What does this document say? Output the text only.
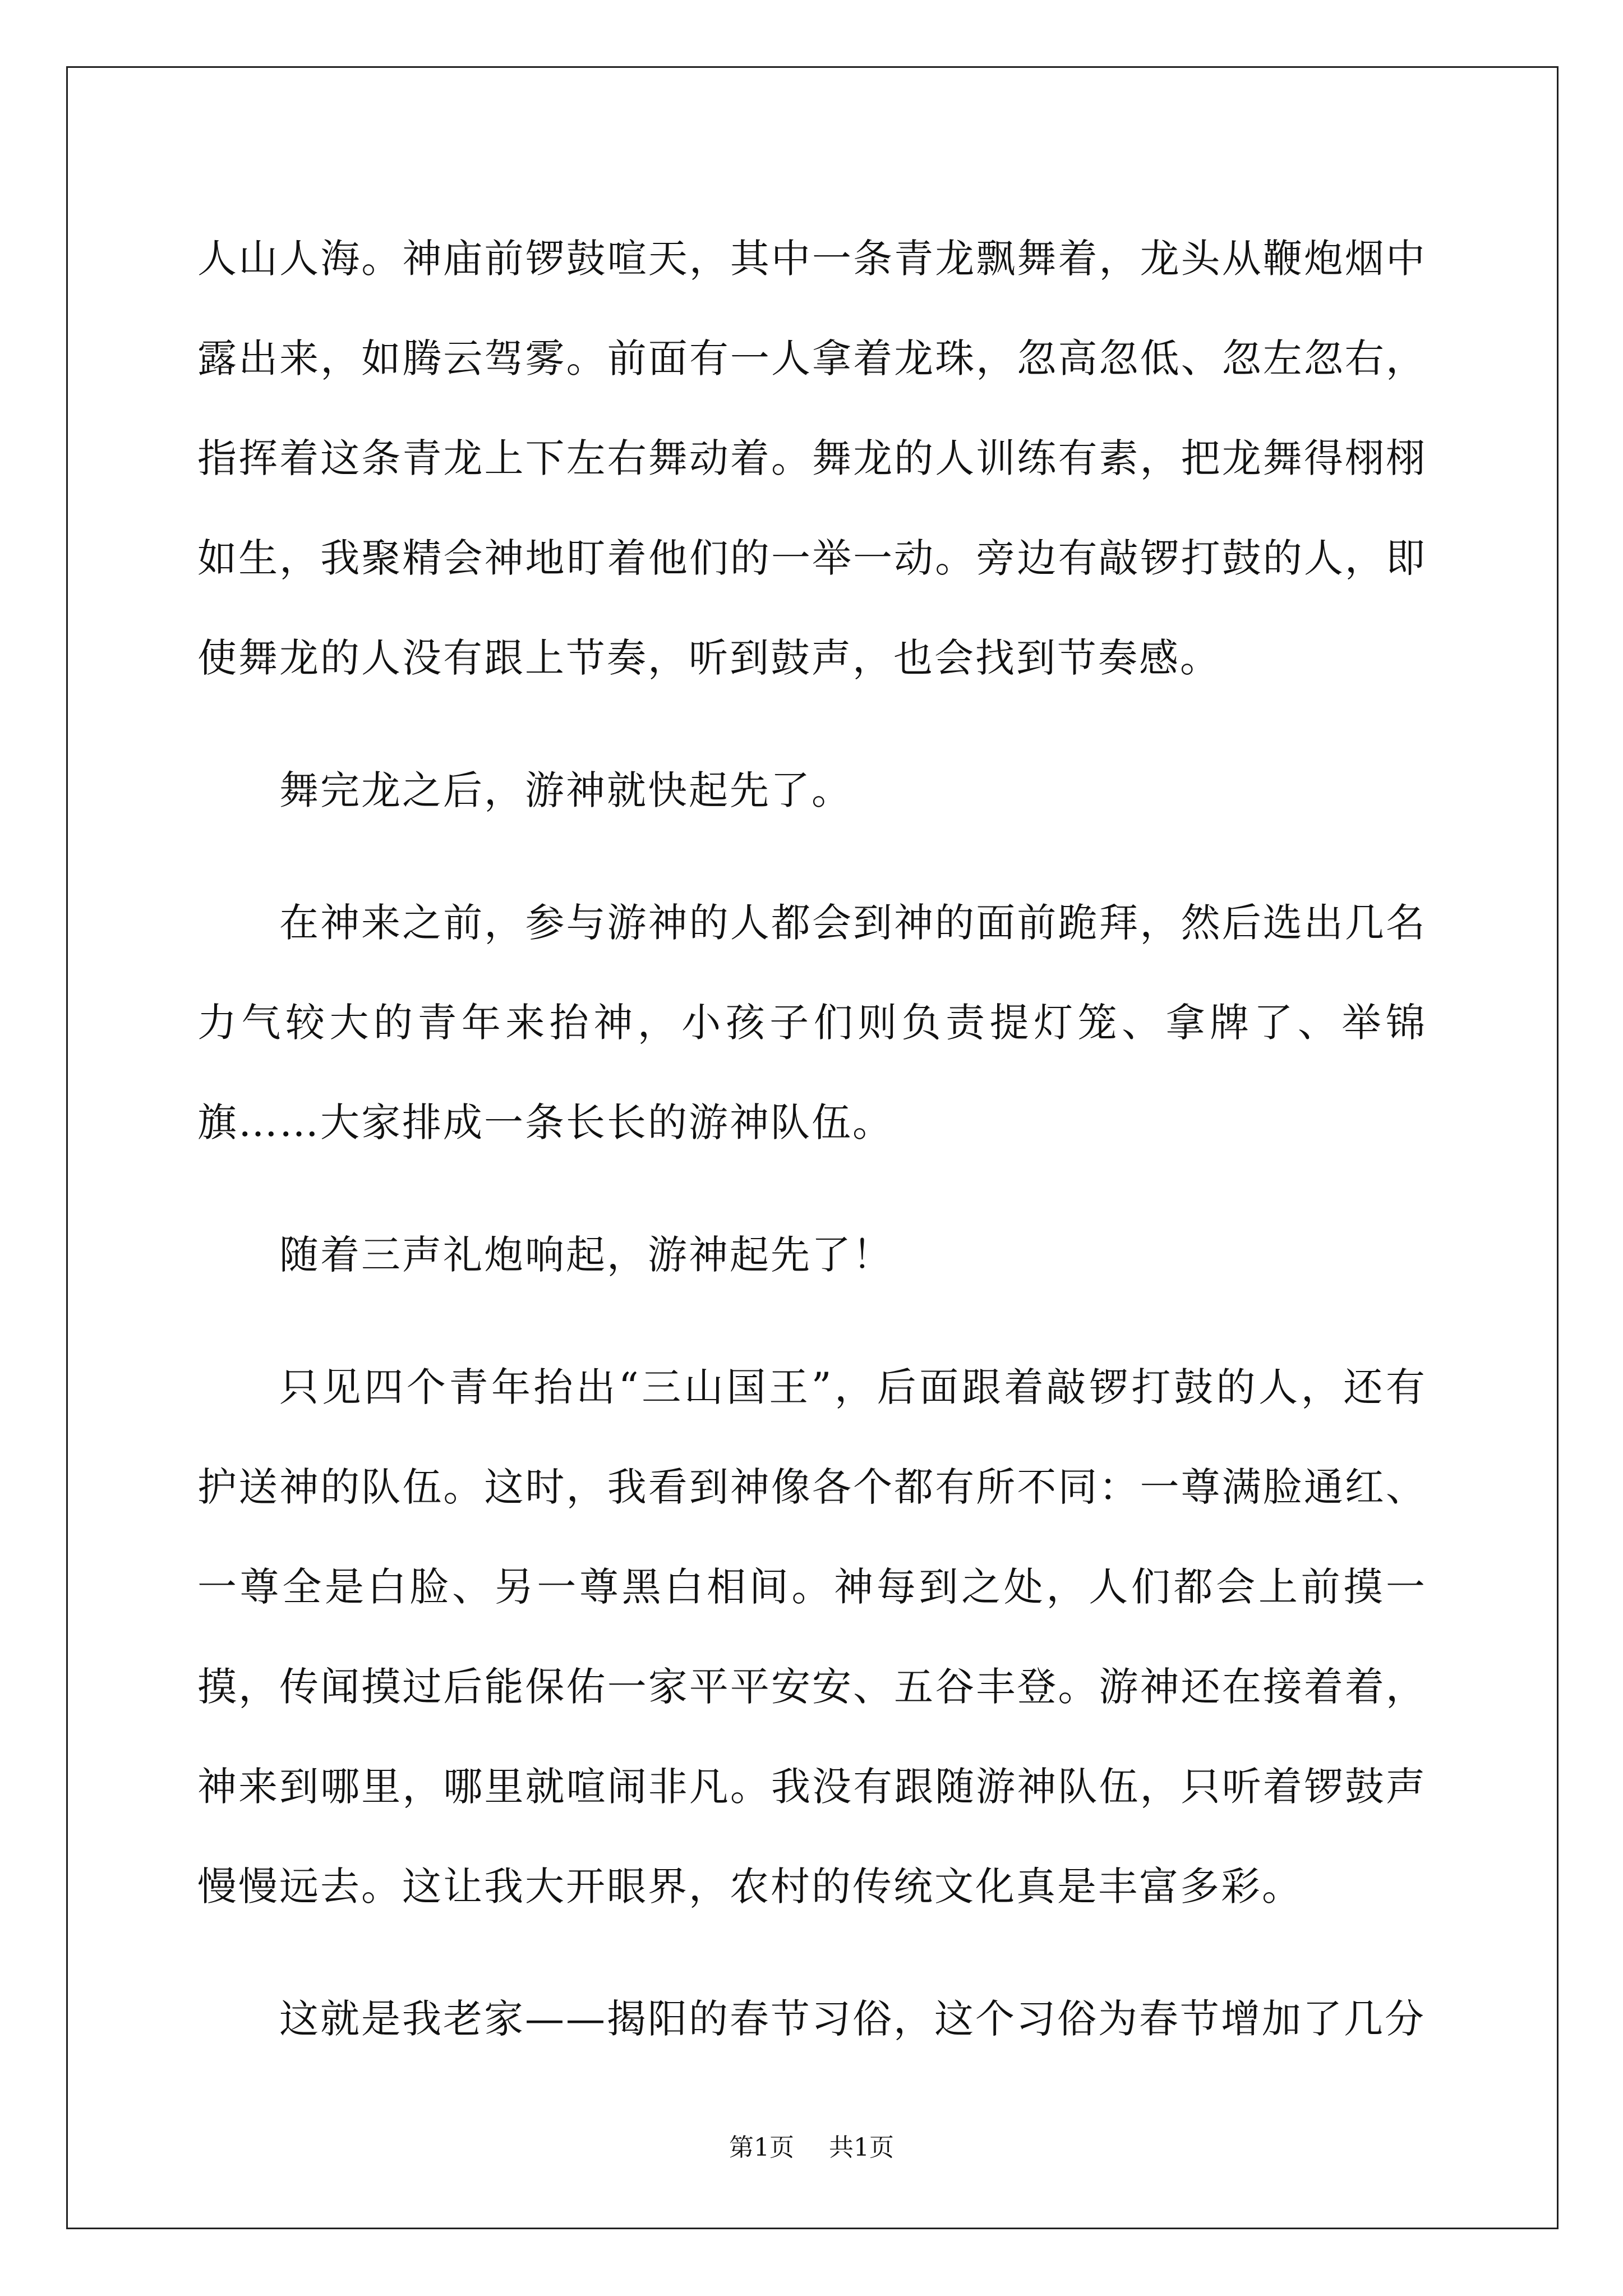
人山人海。神庙前锣鼓喧天，其中一条青龙飘舞着，龙头从鞭炮烟中露出来，如腾云驾雾。前面有一人拿着龙珠，忽高忽低、忽左忽右，指挥着这条青龙上下左右舞动着。舞龙的人训练有素，把龙舞得栩栩如生，我聚精会神地盯着他们的一举一动。旁边有敲锣打鼓的人，即使舞龙的人没有跟上节奏，听到鼓声，也会找到节奏感。

舞完龙之后，游神就快起先了。

在神来之前，参与游神的人都会到神的面前跪拜，然后选出几名力气较大的青年来抬神，小孩子们则负责提灯笼、拿牌了、举锦旗……大家排成一条长长的游神队伍。

随着三声礼炮响起，游神起先了！

只见四个青年抬出“三山国王”，后面跟着敲锣打鼓的人，还有护送神的队伍。这时，我看到神像各个都有所不同：一尊满脸通红、一尊全是白脸、另一尊黑白相间。神每到之处，人们都会上前摸一摸，传闻摸过后能保佑一家平平安安、五谷丰登。游神还在接着着，神来到哪里，哪里就喧闹非凡。我没有跟随游神队伍，只听着锣鼓声慢慢远去。这让我大开眼界，农村的传统文化真是丰富多彩。

这就是我老家——揭阳的春节习俗，这个习俗为春节增加了几分

第1页 共1页
